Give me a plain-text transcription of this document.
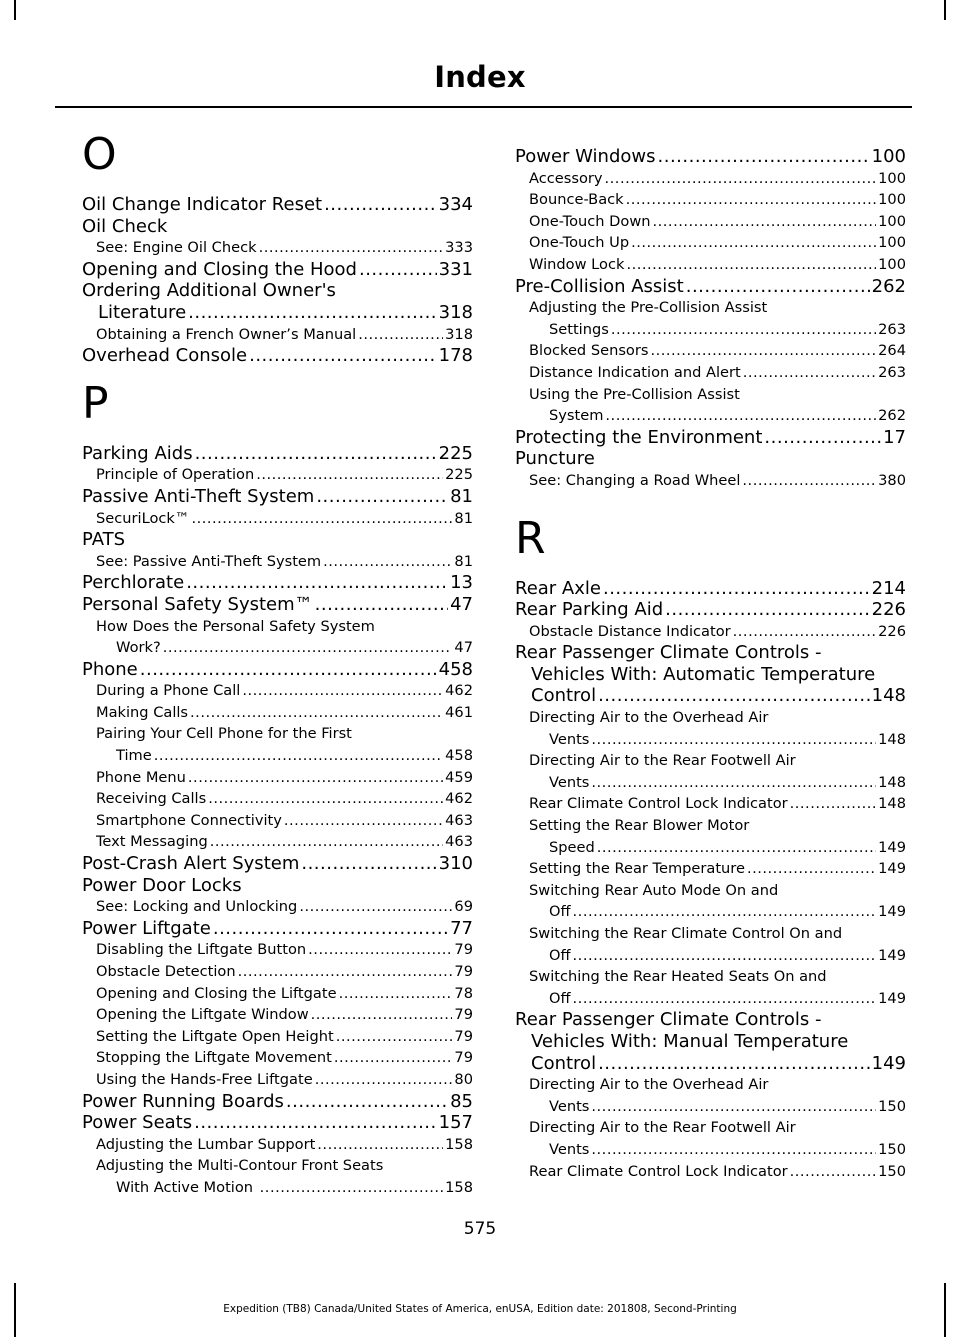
Index
O
Oil Change Indicator Reset .....	334
Oil Check
See: Engine Oil Check .....	333
Opening and Closing the Hood .....	331
Ordering Additional Owner's
Literature .....	318
Obtaining a French Owner’s Manual .....	318
Overhead Console .....	178
P
Parking Aids .....	225
Principle of Operation .....	225
Passive Anti-Theft System .....	81
SecuriLock™ .....	81
PATS
See: Passive Anti-Theft System .....	81
Perchlorate .....	13
Personal Safety System™ .....	47
How Does the Personal Safety System
Work? .....	47
Phone .....	458
During a Phone Call .....	462
Making Calls .....	461
Pairing Your Cell Phone for the First
Time .....	458
Phone Menu .....	459
Receiving Calls .....	462
Smartphone Connectivity .....	463
Text Messaging .....	463
Post-Crash Alert System .....	310
Power Door Locks
See: Locking and Unlocking .....	69
Power Liftgate .....	77
Disabling the Liftgate Button .....	79
Obstacle Detection .....	79
Opening and Closing the Liftgate .....	78
Opening the Liftgate Window .....	79
Setting the Liftgate Open Height .....	79
Stopping the Liftgate Movement .....	79
Using the Hands-Free Liftgate .....	80
Power Running Boards .....	85
Power Seats .....	157
Adjusting the Lumbar Support .....	158
Adjusting the Multi-Contour Front Seats
With Active Motion .....	158
Power Windows .....	100
Accessory .....	100
Bounce-Back .....	100
One-Touch Down .....	100
One-Touch Up .....	100
Window Lock .....	100
Pre-Collision Assist .....	262
Adjusting the Pre-Collision Assist
Settings .....	263
Blocked Sensors .....	264
Distance Indication and Alert .....	263
Using the Pre-Collision Assist
System .....	262
Protecting the Environment .....	17
Puncture
See: Changing a Road Wheel .....	380
R
Rear Axle .....	214
Rear Parking Aid .....	226
Obstacle Distance Indicator .....	226
Rear Passenger Climate Controls -
Vehicles With: Automatic Temperature
Control .....	148
Directing Air to the Overhead Air
Vents .....	148
Directing Air to the Rear Footwell Air
Vents .....	148
Rear Climate Control Lock Indicator .....	148
Setting the Rear Blower Motor
Speed .....	149
Setting the Rear Temperature .....	149
Switching Rear Auto Mode On and
Off .....	149
Switching the Rear Climate Control On and
Off .....	149
Switching the Rear Heated Seats On and
Off .....	149
Rear Passenger Climate Controls -
Vehicles With: Manual Temperature
Control .....	149
Directing Air to the Overhead Air
Vents .....	150
Directing Air to the Rear Footwell Air
Vents .....	150
Rear Climate Control Lock Indicator .....	150
575
Expedition (TB8) Canada/United States of America, enUSA, Edition date: 201808, Second-Printing
